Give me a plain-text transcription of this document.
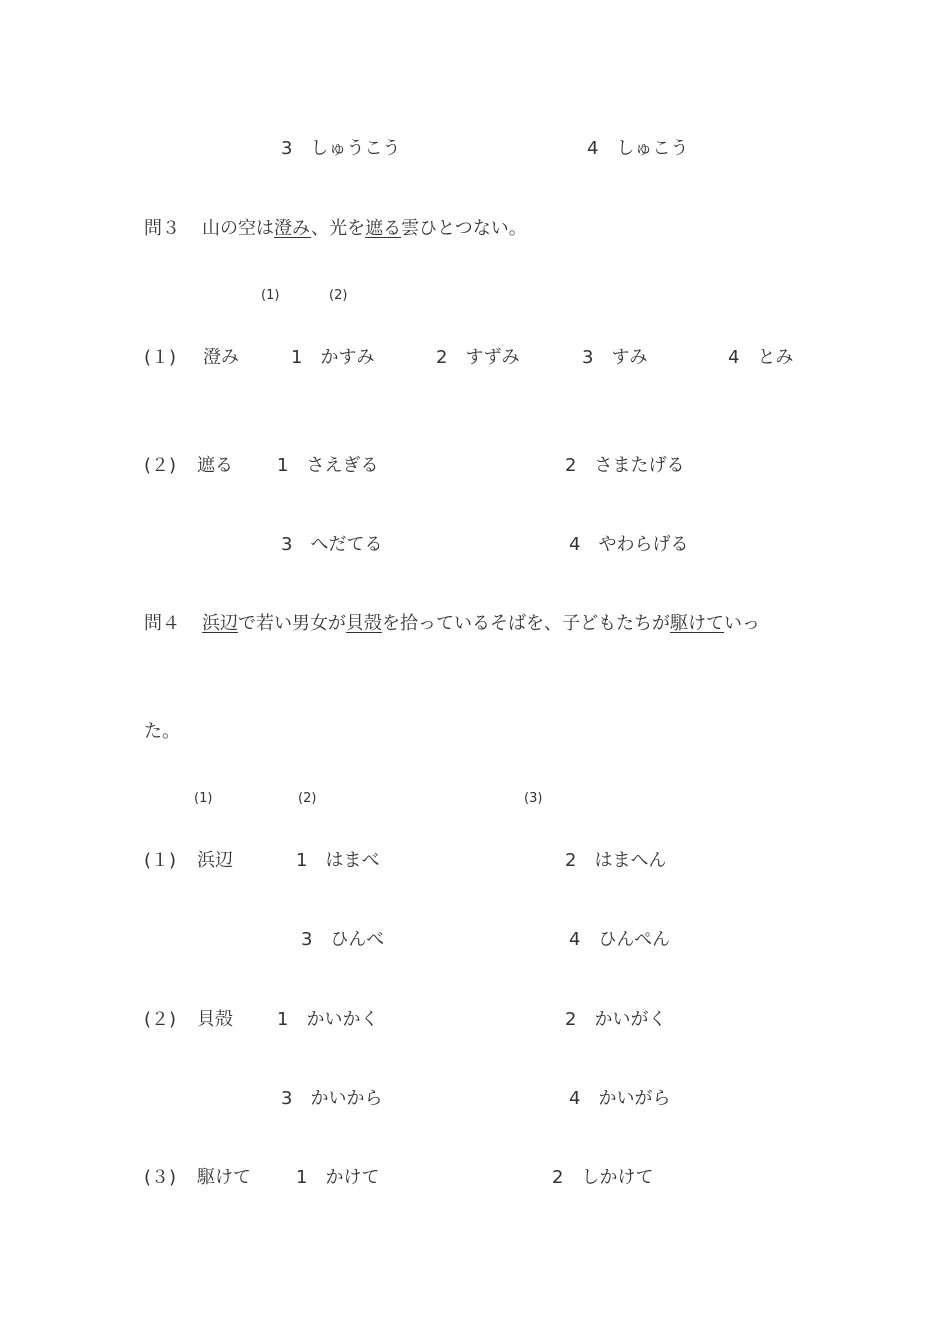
3　しゅうこう	4　しゅこう
問３ 山の空は澄み、光を遮る雲ひとつない。
(1)	(2)
(１) 澄み	1　かすみ	2　すずみ	3　すみ	4　とみ
(２) 遮る 1　さえぎる	2　さまたげる
3　へだてる	4　やわらげる
問４ 浜辺で若い男女が貝殻を拾っているそばを、子どもたちが駆けていっ
た。
(1)	(2)	(3)
(１) 浜辺	1　はまべ	2　はまへん
3　ひんべ	4　ひんぺん
(２) 貝殻 1　かいかく	2　かいがく
3　かいから	4　かいがら
(３) 駆けて	1　かけて	2　しかけて
